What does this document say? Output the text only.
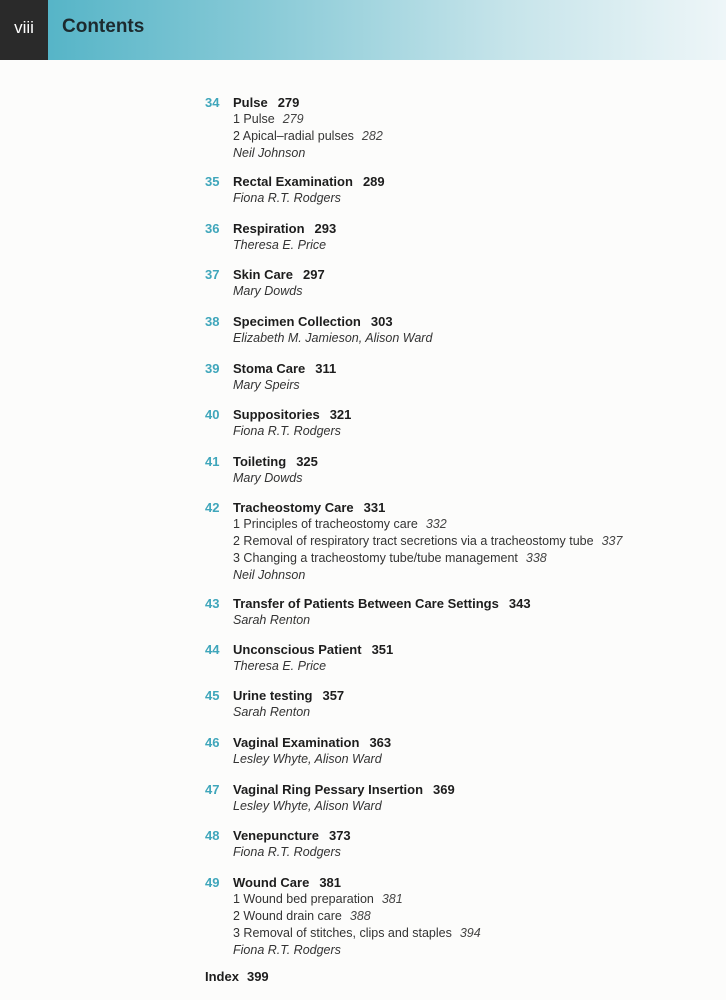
viii	Contents
34 Pulse 279
1 Pulse 279
2 Apical–radial pulses 282
Neil Johnson
35 Rectal Examination 289
Fiona R.T. Rodgers
36 Respiration 293
Theresa E. Price
37 Skin Care 297
Mary Dowds
38 Specimen Collection 303
Elizabeth M. Jamieson, Alison Ward
39 Stoma Care 311
Mary Speirs
40 Suppositories 321
Fiona R.T. Rodgers
41 Toileting 325
Mary Dowds
42 Tracheostomy Care 331
1 Principles of tracheostomy care 332
2 Removal of respiratory tract secretions via a tracheostomy tube 337
3 Changing a tracheostomy tube/tube management 338
Neil Johnson
43 Transfer of Patients Between Care Settings 343
Sarah Renton
44 Unconscious Patient 351
Theresa E. Price
45 Urine testing 357
Sarah Renton
46 Vaginal Examination 363
Lesley Whyte, Alison Ward
47 Vaginal Ring Pessary Insertion 369
Lesley Whyte, Alison Ward
48 Venepuncture 373
Fiona R.T. Rodgers
49 Wound Care 381
1 Wound bed preparation 381
2 Wound drain care 388
3 Removal of stitches, clips and staples 394
Fiona R.T. Rodgers
Index 399
